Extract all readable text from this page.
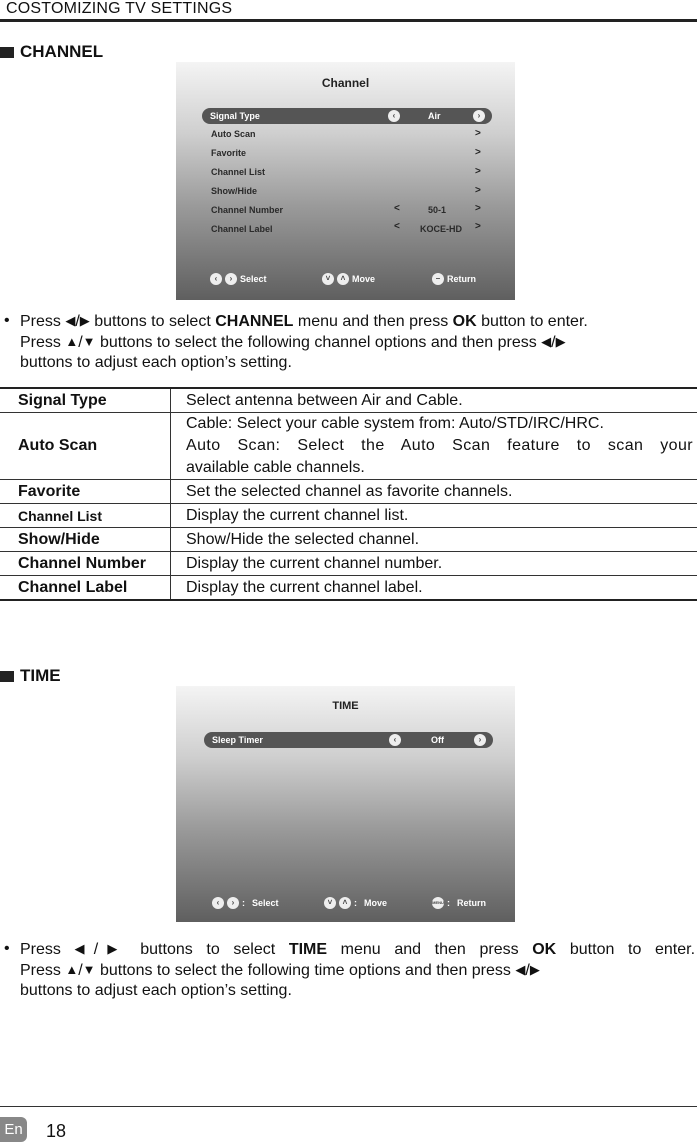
COSTOMIZING TV SETTINGS
CHANNEL
Channel
Signal Type	‹	Air	›
Auto Scan	>
Favorite	>
Channel List	>
Show/Hide	>
Channel Number	<	50-1	>
Channel Label	< KOCE-HD >
‹	› Select	˅	˄ Move	– Return
• Press ◀/▶ buttons to select CHANNEL menu and then press OK button to enter.
Press ▲/▼ buttons to select the following channel options and then press ◀/▶
buttons to adjust each option’s setting.
Signal Type	Select antenna between Air and Cable.
Auto Scan	Cable: Select your cable system from: Auto/STD/IRC/HRC.
Auto Scan: Select the Auto Scan feature to scan your
available cable channels.

Favorite	Set the selected channel as favorite channels.
Channel List	Display the current channel list.
Show/Hide	Show/Hide the selected channel.
Channel Number	Display the current channel number.
Channel Label	Display the current channel label.
TIME
TIME
Sleep Timer	‹	Off	›
‹	› : Select	˅	˄ : Move	MENU : Return
• Press ◀/▶ buttons to select TIME menu and then press OK button to enter.
Press ▲/▼ buttons to select the following time options and then press ◀/▶
buttons to adjust each option’s setting.
En 18
